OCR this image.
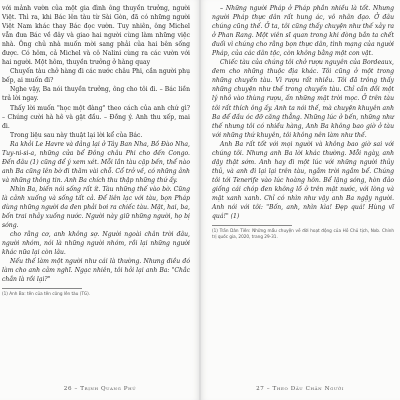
với mảnh vườn của một gia đình ông thuyền trưởng, người Việt. Thì ra, khi Bác lên tàu từ Sài Gòn, đã có những người Việt Nam khác thay Bác đọc vườn. Tuy nhiên, ông Michel vẫn đưa Bác về đây và giao hai người cùng làm những việc nhà. Ông chủ nhà muốn mời sang phải của hai bên sống được. Có hôm, cả Michel và cô Nalini cùng ra các vườn với hai người. Một hôm, thuyền trưởng ở hàng quay

Chuyến tàu chở hàng đi các nước châu Phi, cần người phụ bếp, ai muốn đi?

Nghe vậy, Ba nói thuyền trưởng, ông cho tôi đi. – Bác liền trả lời ngay.

Thấy lời muốn "học một đàng" theo cách của anh chứ gì? – Chúng cười hà hê và gật đầu. – Đồng ý. Anh thu xếp, mai đi.

Trong liệu sau này thuật lại lời kể của Bác.

Ra khỏi Le Havre và đảng lại ở Tây Ban Nha, Bồ Đào Nha, Tuy-ni-si-a, những cửa bể Đông châu Phi cho đến Congo. Đến đâu (1) cũng để ý xem xét. Mỗi lần tàu cặp bến, thể nào anh Ba cũng lên bờ đi thăm vài chỗ. Cổ trở về, có những ảnh và những thông tin. Anh Ba chích thu thập những thứ ấy.

Nhìn Ba, biến nói sống rất ít. Tàu những thế vào bờ. Cũng là cảnh xuống và sống tất cả. Để liên lạc với tàu, bọn Pháp dùng những người da đen phải bơi ra chiếc tàu. Mặt, hai, ba, bốn trai nhảy xuống nước. Người này giữ những người, họ bị sóng.

cho rằng cơ, anh không sợ. Người ngoài chân trời đâu, người nhóm, nói là những người nhóm, rồi lại những người khác nữa lại còn lâu.

Nếu thế làm một người như cái là thường. Nhưng điều đó làm cho anh cảm nghĩ. Ngạc nhiên, tôi hỏi lại anh Ba: "Chắc chắn là rồi lại?"

(1) Anh Ba: tên của tên cũng lên tàu (TG).

26 – Trịnh Quang Phú

– Những người Pháp ở Pháp phần nhiều là tốt. Nhưng người Pháp thực dân rất hung ác, vô nhân đạo. Ở đâu chúng cũng thế. Ở ta, tôi cũng thấy chuyện như thế xảy ra ở Phan Rang. Một viên sĩ quan trong khi đòng bắn ta chết đuối vì chúng cho rằng bọn thực dân, tình mạng của người Pháp, của các dân tộc, còn không bằng một con vật.

Chiếc tàu của chúng tôi chở rượu nguyên của Bordeaux, đem cho những thuộc địa khác. Tôi cũng ở một trong những chuyến tàu. Vì rượu rất nhiều. Tôi đã trông thấy những chuyện như thế trong chuyến tàu. Chỉ cần đồi một lý nhỏ vào thùng rượu, ấn những mặt trời mọc. Ở trên tàu tôi rất thích ông ấy. Anh ta nói thế, mà chuyện khuyên anh Ba để đầu óc đỡ căng thẳng. Những lúc ở bến, những như thế nhưng tôi có nhiều hàng, Anh Ba không bao giờ ở tàu với những thứ khuyên, tôi không nên làm như thế.

Anh Ba rất tốt với mọi người và không bao giờ sai với chúng tôi. Nhưng anh Ba lời khác thường. Mỗi ngày, anh dậy thật sớm. Anh hay đi một lúc với những người thủy thủ, và anh đi lại lại trên tàu, ngắm trời ngắm bể. Chúng tôi tới Tenerife vào lúc hoàng hôn. Bể lặng sóng, hòn đảo giống cái chóp đen không lồ ở trên mặt nước, với lòng và mặt xanh xanh. Chỉ có nhìn như vậy anh Ba ngậy người. Anh nói với tôi: "Bốn, anh, nhìn kìa! Đẹp quá! Hùng vĩ quá!" (1)

(1) Trần Dân Tiên: Những mẩu chuyện về đời hoạt động của Hồ Chủ tịch, Nxb. Chính trị quốc gia, 2020, trang 29-31.

27 – Theo Dấu Chân Người
